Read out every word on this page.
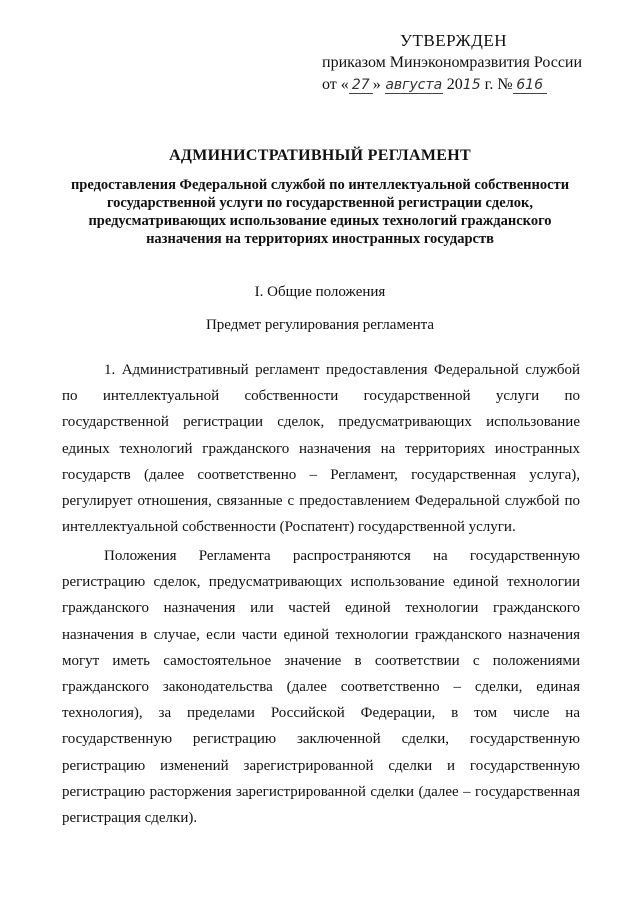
УТВЕРЖДЕН
приказом Минэкономразвития России
от « 27 » августа 2015 г. № 616
АДМИНИСТРАТИВНЫЙ РЕГЛАМЕНТ
предоставления Федеральной службой по интеллектуальной собственности государственной услуги по государственной регистрации сделок, предусматривающих использование единых технологий гражданского назначения на территориях иностранных государств
I. Общие положения
Предмет регулирования регламента

1. Административный регламент предоставления Федеральной службой по интеллектуальной собственности государственной услуги по государственной регистрации сделок, предусматривающих использование единых технологий гражданского назначения на территориях иностранных государств (далее соответственно – Регламент, государственная услуга), регулирует отношения, связанные с предоставлением Федеральной службой по интеллектуальной собственности (Роспатент) государственной услуги.

Положения Регламента распространяются на государственную регистрацию сделок, предусматривающих использование единой технологии гражданского назначения или частей единой технологии гражданского назначения в случае, если части единой технологии гражданского назначения могут иметь самостоятельное значение в соответствии с положениями гражданского законодательства (далее соответственно – сделки, единая технология), за пределами Российской Федерации, в том числе на государственную регистрацию заключенной сделки, государственную регистрацию изменений зарегистрированной сделки и государственную регистрацию расторжения зарегистрированной сделки (далее – государственная регистрация сделки).
